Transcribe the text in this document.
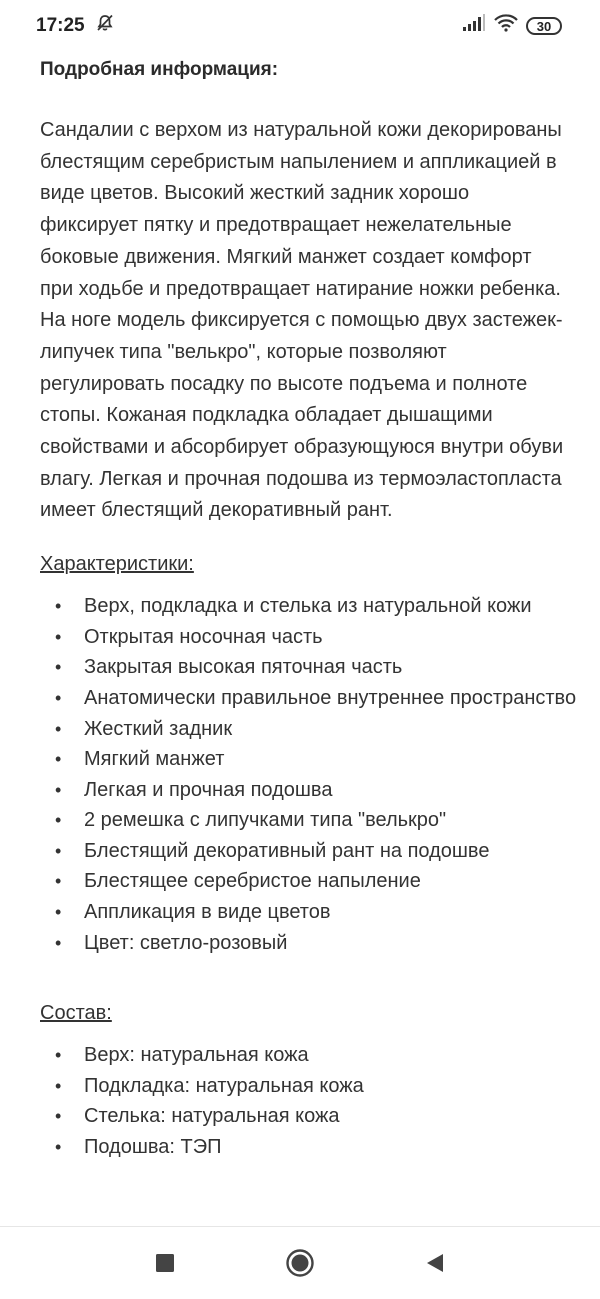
17:25	30
Подробная информация:

Сандалии с верхом из натуральной кожи декорированы блестящим серебристым напылением и аппликацией в виде цветов. Высокий жесткий задник хорошо фиксирует пятку и предотвращает нежелательные боковые движения. Мягкий манжет создает комфорт при ходьбе и предотвращает натирание ножки ребенка. На ноге модель фиксируется с помощью двух застежек-липучек типа "велькро", которые позволяют регулировать посадку по высоте подъема и полноте стопы. Кожаная подкладка обладает дышащими свойствами и абсорбирует образующуюся внутри обуви влагу. Легкая и прочная подошва из термоэластопласта имеет блестящий декоративный рант.

Характеристики:
• Верх, подкладка и стелька из натуральной кожи
• Открытая носочная часть
• Закрытая высокая пяточная часть
• Анатомически правильное внутреннее пространство
• Жесткий задник
• Мягкий манжет
• Легкая и прочная подошва
• 2 ремешка с липучками типа "велькро"
• Блестящий декоративный рант на подошве
• Блестящее серебристое напыление
• Аппликация в виде цветов
• Цвет: светло-розовый
Состав:
• Верх: натуральная кожа
• Подкладка: натуральная кожа
• Стелька: натуральная кожа
• Подошва: ТЭП
